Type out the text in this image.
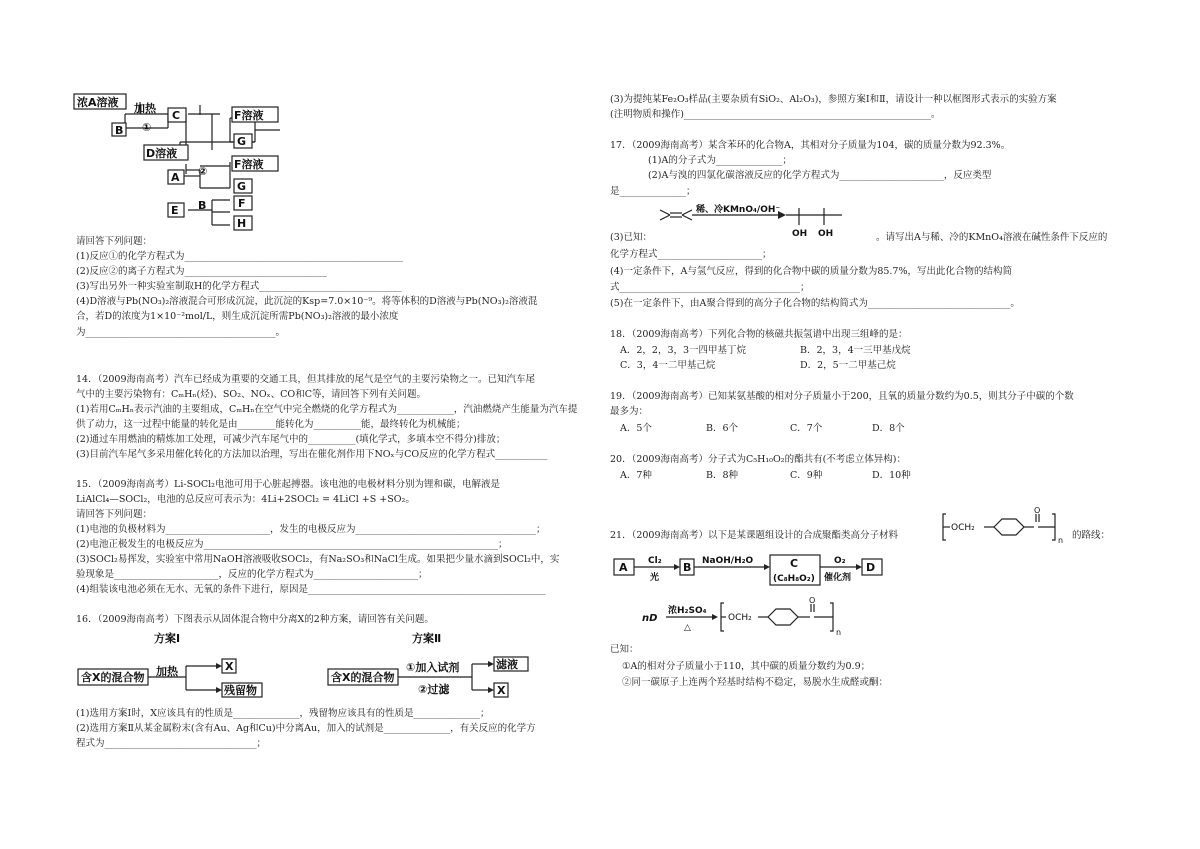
浓A溶液
B
加热
①
C	F溶液
G
D溶液
②
F溶液
A
G
E B	F
H
请回答下列问题：
(1)反应①的化学方程式为______________________________________________
(2)反应②的离子方程式为______________________________
(3)写出另外一种实验室制取H的化学方程式______________________________
(4)D溶液与Pb(NO₃)₂溶液混合可形成沉淀，此沉淀的Ksp=7.0×10⁻⁹。将等体积的D溶液与Pb(NO₃)₂溶液混
合，若D的浓度为1×10⁻²mol/L，则生成沉淀所需Pb(NO₃)₂溶液的最小浓度
为________________________________________。
14．（2009海南高考）汽车已经成为重要的交通工具，但其排放的尾气是空气的主要污染物之一。已知汽车尾
气中的主要污染物有：CₘHₙ(烃)、SO₂、NOₓ、CO和C等，请回答下列有关问题。
(1)若用CₘHₙ表示汽油的主要组成，CₘHₙ在空气中完全燃烧的化学方程式为____________，汽油燃烧产生能量为汽车提
供了动力，这一过程中能量的转化是由________能转化为__________能，最终转化为机械能；
(2)通过车用燃油的精炼加工处理，可减少汽车尾气中的__________(填化学式，多填本空不得分)排放；
(3)目前汽车尾气多采用催化转化的方法加以治理，写出在催化剂作用下NOₓ与CO反应的化学方程式___________
15．（2009海南高考）Li-SOCl₂电池可用于心脏起搏器。该电池的电极材料分别为锂和碳，电解液是
LiAlCl₄—SOCl₂，电池的总反应可表示为：4Li+2SOCl₂ = 4LiCl +S +SO₂。
请回答下列问题：
(1)电池的负极材料为______________________，发生的电极反应为______________________________________；
(2)电池正极发生的电极反应为______________________________________________________________；
(3)SOCl₂易挥发，实验室中常用NaOH溶液吸收SOCl₂，有Na₂SO₃和NaCl生成。如果把少量水滴到SOCl₂中，实
验现象是______________________，反应的化学方程式为______________________；
(4)组装该电池必须在无水、无氧的条件下进行，原因是__________________________________________________
16．（2009海南高考）下图表示从固体混合物中分离X的2种方案，请回答有关问题。
方案Ⅰ	方案Ⅱ
含X的混合物 加热	X
残留物
含X的混合物
①加入试剂
②过滤
滤液
X
(1)选用方案Ⅰ时，X应该具有的性质是______________，残留物应该具有的性质是______________；
(2)选用方案Ⅱ从某金属粉末(含有Au、Ag和Cu)中分离Au，加入的试剂是______________，有关反应的化学方
程式为________________________________；
(3)为提纯某Fe₂O₃样品(主要杂质有SiO₂、Al₂O₃)，参照方案Ⅰ和Ⅱ，请设计一种以框图形式表示的实验方案
(注明物质和操作)____________________________________________________。
17．（2009海南高考）某含苯环的化合物A，其相对分子质量为104，碳的质量分数为92.3%。
(1)A的分子式为______________；
(2)A与溴的四氯化碳溶液反应的化学方程式为______________________，反应类型
是______________；
稀、冷KMnO₄/OH⁻
OH OH
(3)已知：	。请写出A与稀、冷的KMnO₄溶液在碱性条件下反应的
化学方程式______________________；
(4)一定条件下，A与氢气反应，得到的化合物中碳的质量分数为85.7%，写出此化合物的结构简
式______________________________________；
(5)在一定条件下，由A聚合得到的高分子化合物的结构简式为______________________________。
18．（2009海南高考）下列化合物的核磁共振氢谱中出现三组峰的是：
A．2，2，3，3一四甲基丁烷	B．2，3，4一三甲基戊烷
C．3，4一二甲基己烷	D．2，5一二甲基己烷
19．（2009海南高考）已知某氨基酸的相对分子质量小于200，且氧的质量分数约为0.5，则其分子中碳的个数
最多为：
A．5个	B．6个	C．7个	D．8个
20．（2009海南高考）分子式为C₅H₁₀O₂的酯共有(不考虑立体异构)：
A．7种	B．8种	C．9种	D．10种
21．（2009海南高考）以下是某课题组设计的合成聚酯类高分子材料	的路线：
OCH₂
O
n
A Cl₂
光
B NaOH/H₂O	C
(C₈H₈O₂)
O₂
催化剂
D
nD
浓H₂SO₄
△
OCH₂
O
n
已知：
①A的相对分子质量小于110，其中碳的质量分数约为0.9；
②同一碳原子上连两个羟基时结构不稳定，易脱水生成醛或酮：
